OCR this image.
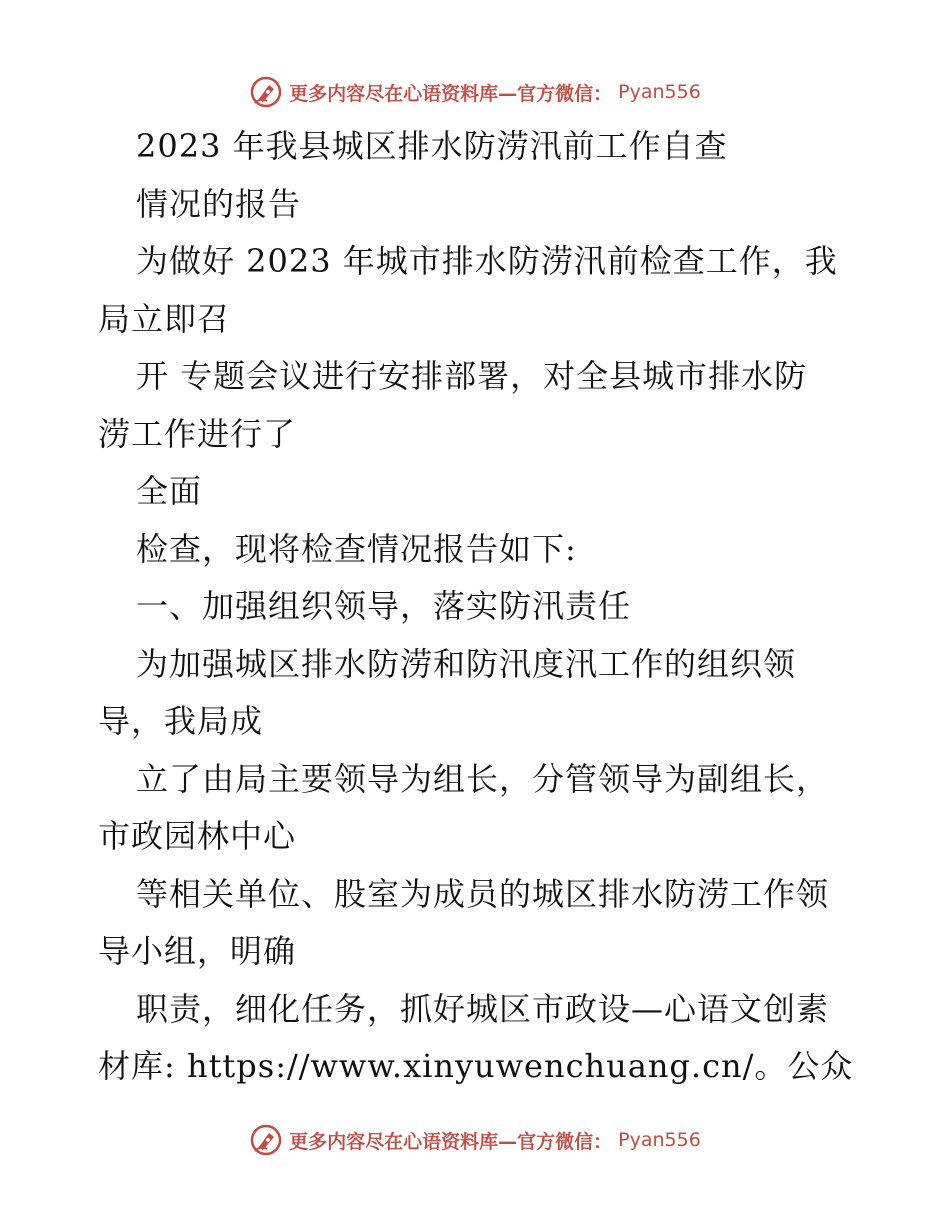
更多内容尽在心语资料库—官方微信： Pyan556
2023 年我县城区排水防涝汛前工作自查
情况的报告
为做好 2023 年城市排水防涝汛前检查工作，我
局立即召
开 专题会议进行安排部署，对全县城市排水防
涝工作进行了
全面
检查，现将检查情况报告如下:
一、加强组织领导，落实防汛责任
为加强城区排水防涝和防汛度汛工作的组织领
导，我局成
立了由局主要领导为组长，分管领导为副组长，
市政园林中心
等相关单位、股室为成员的城区排水防涝工作领
导小组，明确
职责，细化任务，抓好城区市政设—心语文创素
材库: https://www.xinyuwenchuang.cn/。公众
更多内容尽在心语资料库—官方微信： Pyan556
